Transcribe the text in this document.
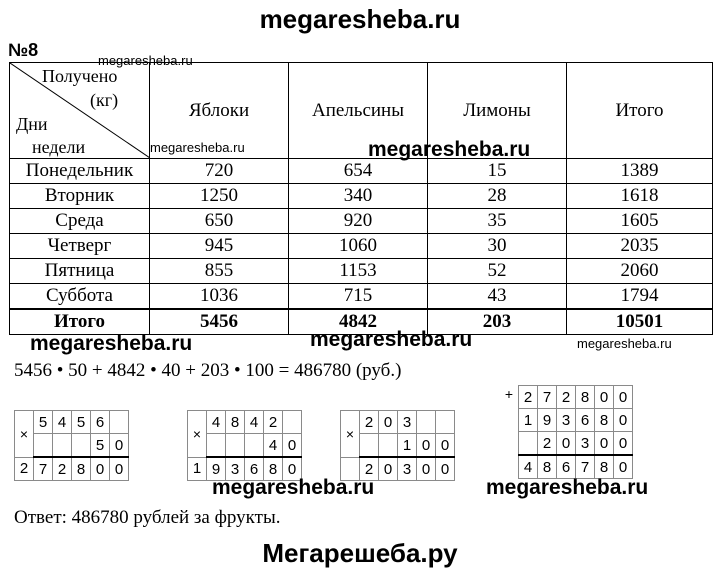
megaresheba.ru
№8
megaresheba.ru
Получено
(кг)
Дни
недели megaresheba.ru	Яблоки	Апельсины	Лимоны	Итого
Понедельник	720	654	15	1389
Вторник	1250	340	28	1618
Среда	650	920	35	1605
Четверг	945	1060	30	2035
Пятница	855	1153	52	2060
Суббота	1036	715	43	1794
Итого	5456	4842	203	10501
megaresheba.ru
megaresheba.ru	megaresheba.ru	megaresheba.ru
5456 • 50 + 4842 • 40 + 203 • 100 = 486780 (руб.)
×	5	4	5	6	
				5	0
2	7	2	8	0	0
×	4	8	4	2	
				4	0
1	9	3	6	8	0
×	2	0	3		
			1	0	0
	2	0	3	0	0
+	2	7	2	8	0	0
	1	9	3	6	8	0
		2	0	3	0	0
	4	8	6	7	8	0
megaresheba.ru	megaresheba.ru
Ответ: 486780 рублей за фрукты.
Мегарешеба.ру
